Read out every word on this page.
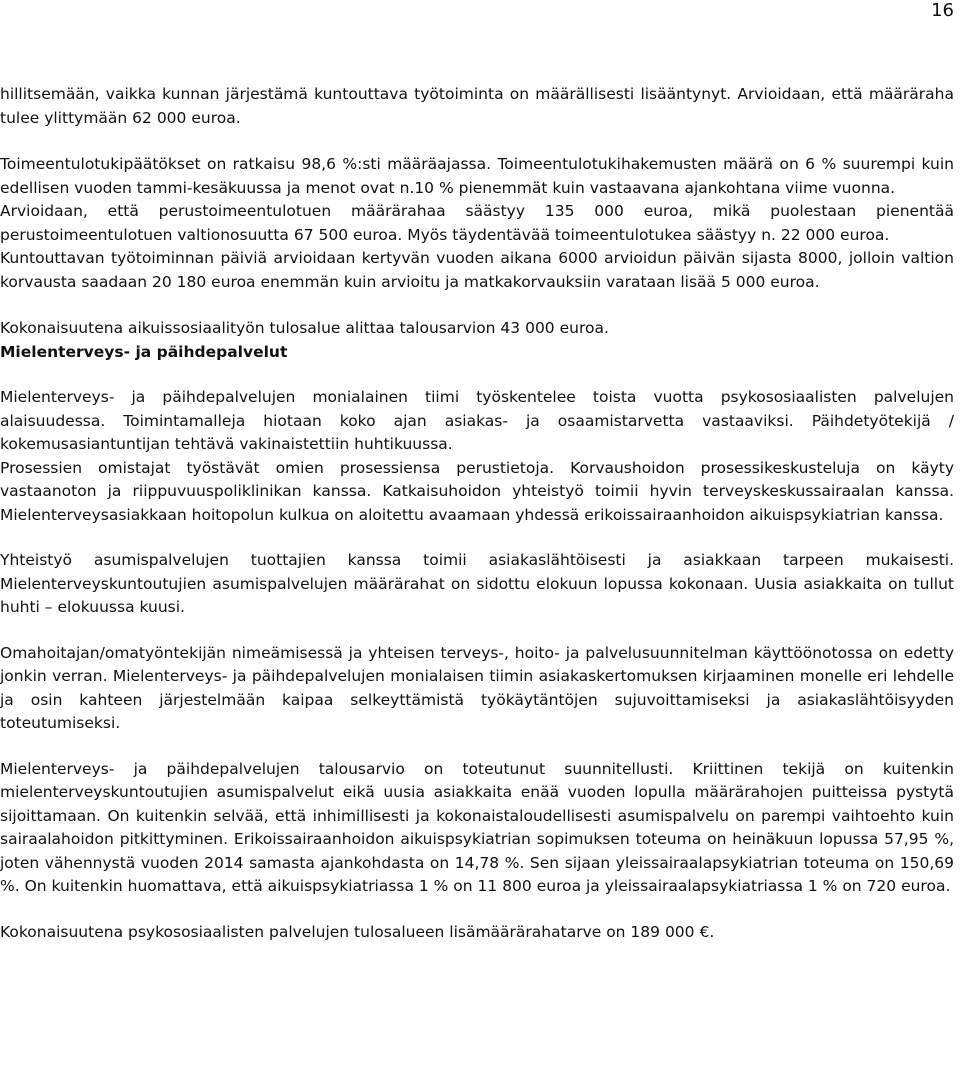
16

hillitsemään, vaikka kunnan järjestämä kuntouttava työtoiminta on määrällisesti lisääntynyt. Arvioidaan, että määräraha tulee ylittymään 62 000 euroa.

Toimeentulotukipäätökset on ratkaisu 98,6 %:sti määräajassa. Toimeentulotukihakemusten määrä on 6 % suurempi kuin edellisen vuoden tammi-kesäkuussa ja menot ovat n.10 % pienemmät kuin vastaavana ajankohtana viime vuonna.

Arvioidaan, että perustoimeentulotuen määrärahaa säästyy 135 000 euroa, mikä puolestaan pienentää perustoimeentulotuen valtionosuutta 67 500 euroa. Myös täydentävää toimeentulotukea säästyy n. 22 000 euroa.

Kuntouttavan työtoiminnan päiviä arvioidaan kertyvän vuoden aikana 6000 arvioidun päivän sijasta 8000, jolloin valtion korvausta saadaan 20 180 euroa enemmän kuin arvioitu ja matkakorvauksiin varataan lisää 5 000 euroa.

Kokonaisuutena aikuissosiaalityön tulosalue alittaa talousarvion 43 000 euroa.

Mielenterveys- ja päihdepalvelut

Mielenterveys- ja päihdepalvelujen monialainen tiimi työskentelee toista vuotta psykososiaalisten palvelujen alaisuudessa. Toimintamalleja hiotaan koko ajan asiakas- ja osaamistarvetta vastaaviksi. Päihdetyötekijä / kokemusasiantuntijan tehtävä vakinaistettiin huhtikuussa.

Prosessien omistajat työstävät omien prosessiensa perustietoja. Korvaushoidon prosessikeskusteluja on käyty vastaanoton ja riippuvuuspoliklinikan kanssa. Katkaisuhoidon yhteistyö toimii hyvin terveyskeskussairaalan kanssa. Mielenterveysasiakkaan hoitopolun kulkua on aloitettu avaamaan yhdessä erikoissairaanhoidon aikuispsykiatrian kanssa.

Yhteistyö asumispalvelujen tuottajien kanssa toimii asiakaslähtöisesti ja asiakkaan tarpeen mukaisesti. Mielenterveyskuntoutujien asumispalvelujen määrärahat on sidottu elokuun lopussa kokonaan. Uusia asiakkaita on tullut huhti – elokuussa kuusi.

Omahoitajan/omatyöntekijän nimeämisessä ja yhteisen terveys-, hoito- ja palvelusuunnitelman käyttöönotossa on edetty jonkin verran. Mielenterveys- ja päihdepalvelujen monialaisen tiimin asiakaskertomuksen kirjaaminen monelle eri lehdelle ja osin kahteen järjestelmään kaipaa selkeyttämistä työkäytäntöjen sujuvoittamiseksi ja asiakaslähtöisyyden toteutumiseksi.

Mielenterveys- ja päihdepalvelujen talousarvio on toteutunut suunnitellusti. Kriittinen tekijä on kuitenkin mielenterveyskuntoutujien asumispalvelut eikä uusia asiakkaita enää vuoden lopulla määrärahojen puitteissa pystytä sijoittamaan. On kuitenkin selvää, että inhimillisesti ja kokonaistaloudellisesti asumispalvelu on parempi vaihtoehto kuin sairaalahoidon pitkittyminen. Erikoissairaanhoidon aikuispsykiatrian sopimuksen toteuma on heinäkuun lopussa 57,95 %, joten vähennystä vuoden 2014 samasta ajankohdasta on 14,78 %. Sen sijaan yleissairaalapsykiatrian toteuma on 150,69 %. On kuitenkin huomattava, että aikuispsykiatriassa 1 % on 11 800 euroa ja yleissairaalapsykiatriassa 1 % on 720 euroa.

Kokonaisuutena psykososiaalisten palvelujen tulosalueen lisämäärärahatarve on 189 000 €.
